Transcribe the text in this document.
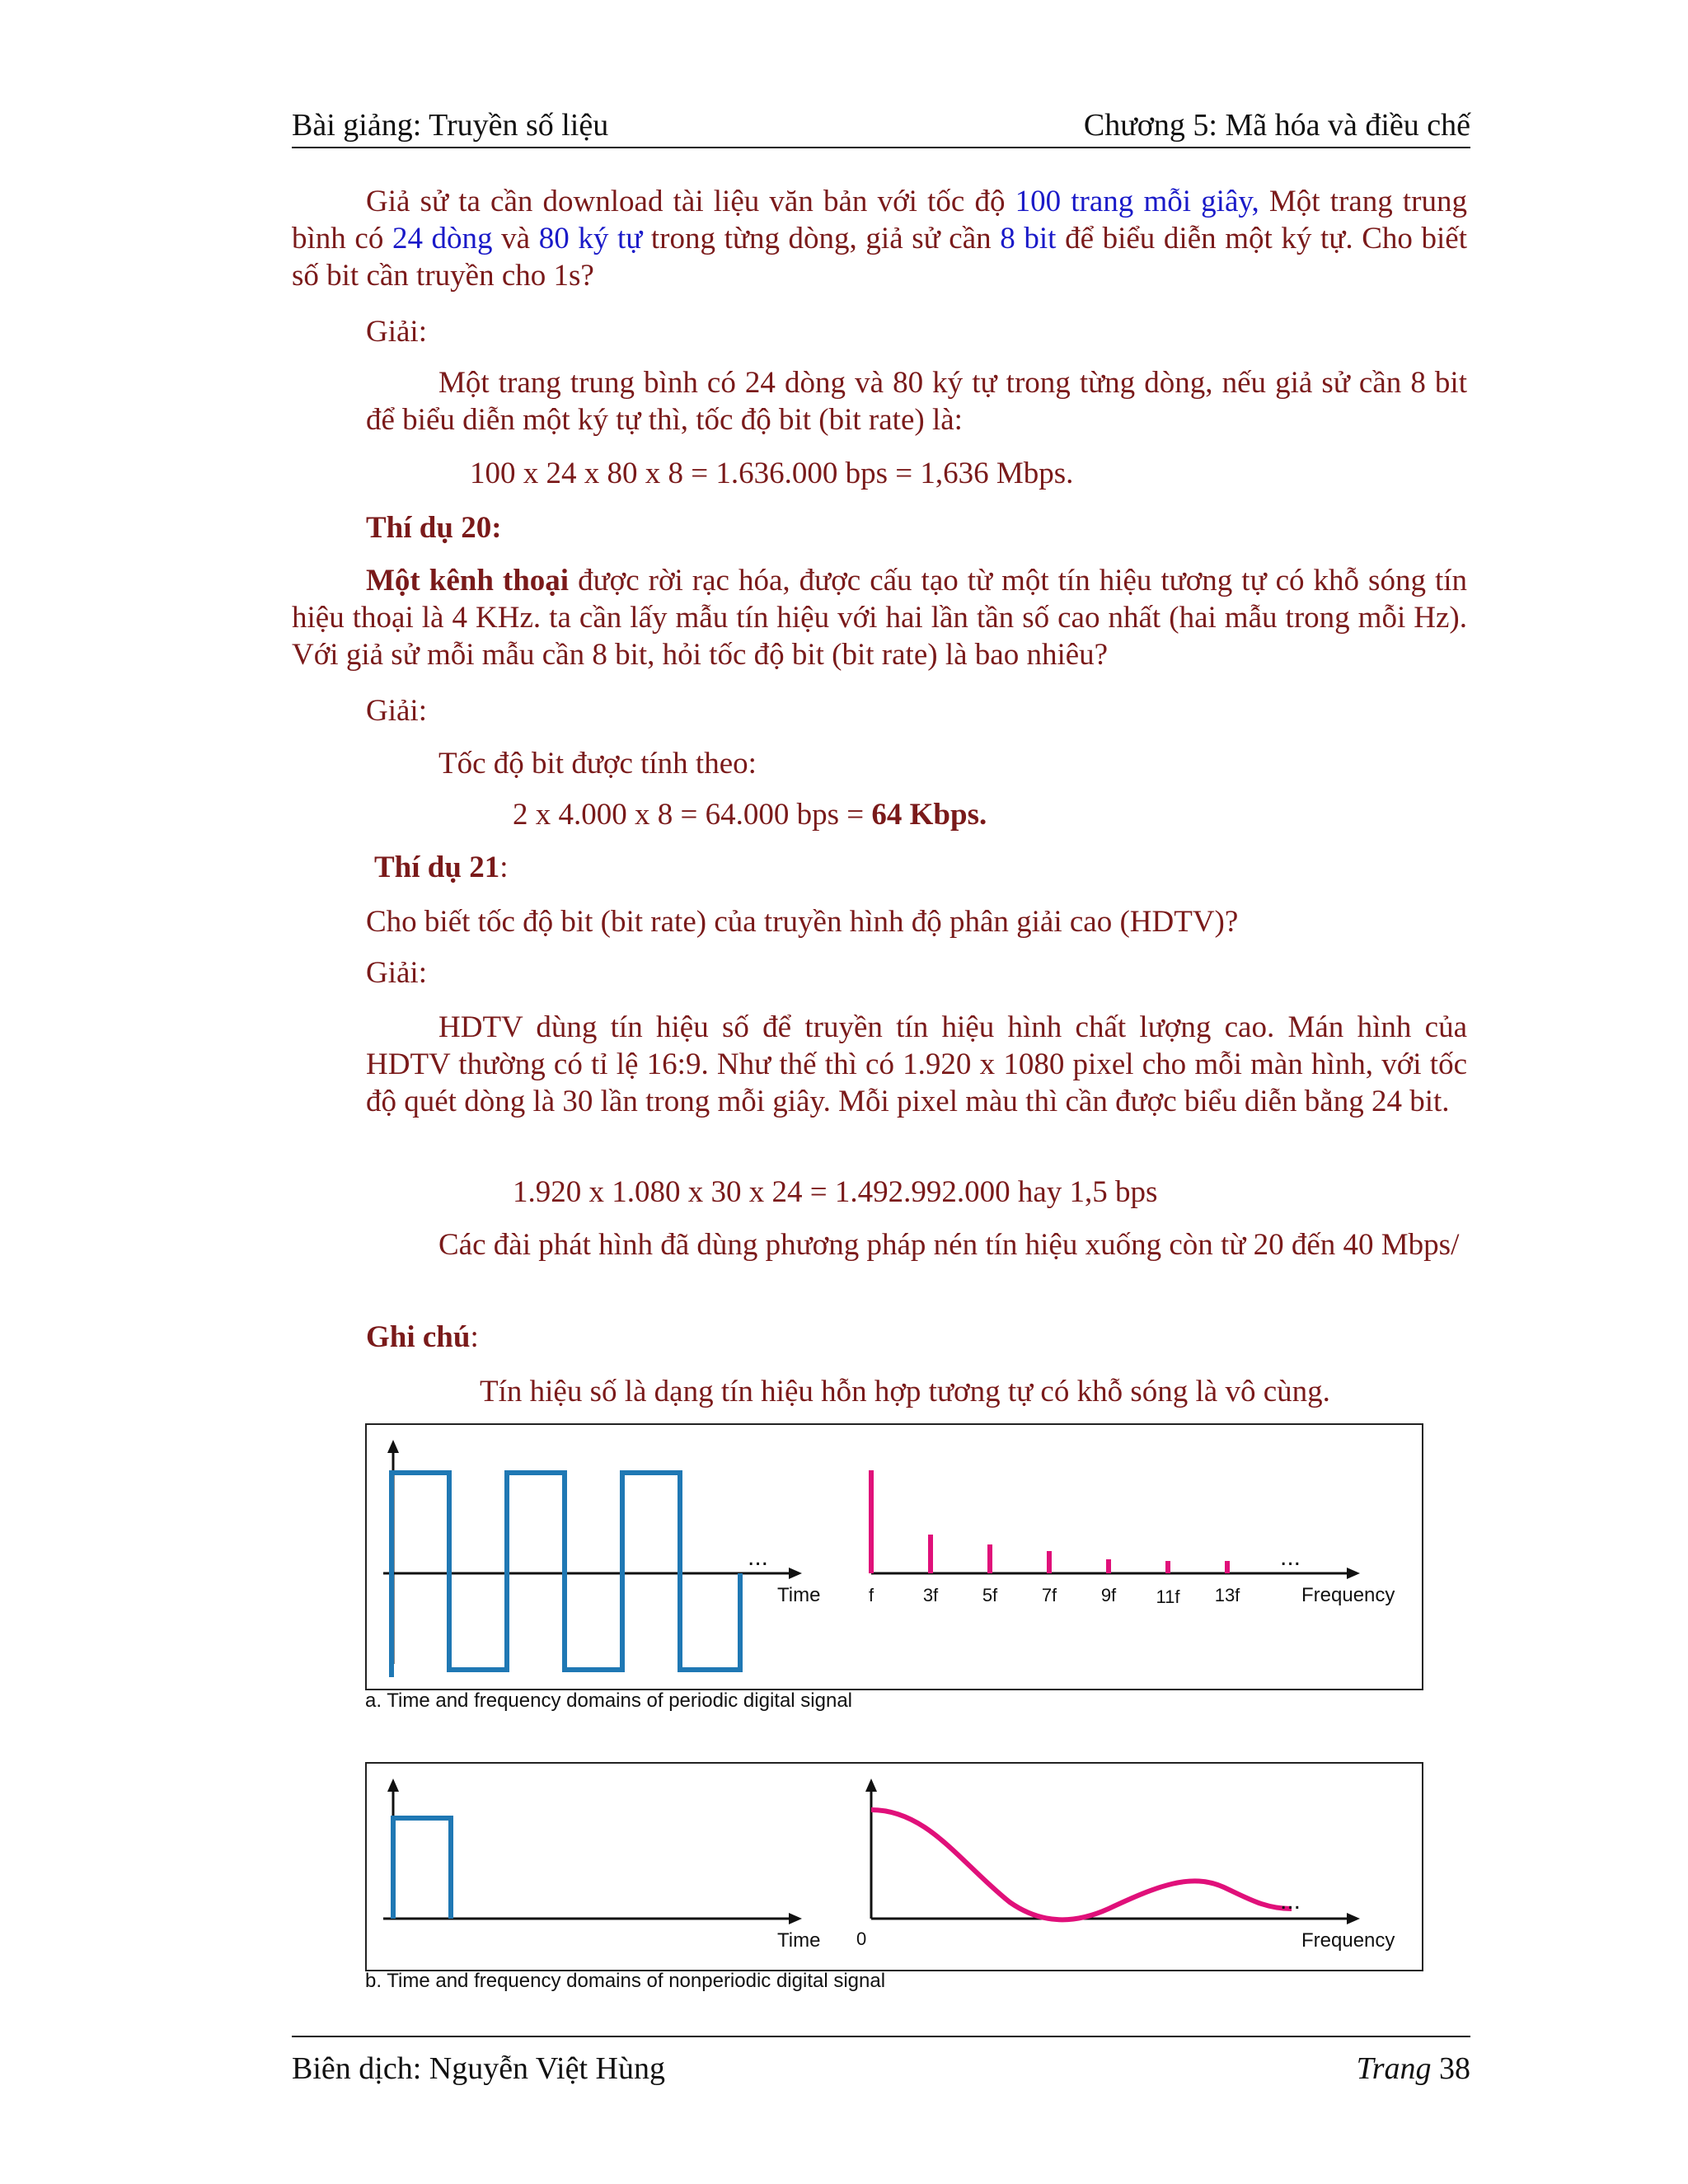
Bài giảng: Truyền số liệu	Chương 5: Mã hóa và điều chế
Giả sử ta cần download tài liệu văn bản với tốc độ 100 trang mỗi giây, Một trang trung bình có 24 dòng và 80 ký tự trong từng dòng, giả sử cần 8 bit để biểu diễn một ký tự. Cho biết số bit cần truyền cho 1s?
Giải:
Một trang trung bình có 24 dòng và 80 ký tự trong từng dòng, nếu giả sử cần 8 bit để biểu diễn một ký tự thì, tốc độ bit (bit rate) là:
100 x 24 x 80 x 8 = 1.636.000 bps = 1,636 Mbps.
Thí dụ 20:
Một kênh thoại được rời rạc hóa, được cấu tạo từ một tín hiệu tương tự có khỗ sóng tín hiệu thoại là 4 KHz. ta cần lấy mẫu tín hiệu với hai lần tần số cao nhất (hai mẫu trong mỗi Hz). Với giả sử mỗi mẫu cần 8 bit, hỏi tốc độ bit (bit rate) là bao nhiêu?
Giải:
Tốc độ bit được tính theo:
2 x 4.000 x 8 = 64.000 bps = 64 Kbps.
Thí dụ 21:
Cho biết tốc độ bit (bit rate) của truyền hình độ phân giải cao (HDTV)?
Giải:
HDTV dùng tín hiệu số để truyền tín hiệu hình chất lượng cao. Mán hình của HDTV thường có tỉ lệ 16:9. Như thế thì có 1.920 x 1080 pixel cho mỗi màn hình, với tốc độ quét dòng là 30 lần trong mỗi giây. Mỗi pixel màu thì cần được biểu diễn bằng 24 bit.
1.920 x 1.080 x 30 x 24 = 1.492.992.000 hay 1,5 bps
Các đài phát hình đã dùng phương pháp nén tín hiệu xuống còn từ 20 đến 40 Mbps/
Ghi chú:
Tín hiệu số là dạng tín hiệu hỗn hợp tương tự có khỗ sóng là vô cùng.
...
Time
...
f	3f 5f 7f 9f 11f 13f	Frequency
a. Time and frequency domains of periodic digital signal
Time
...
0	Frequency
b. Time and frequency domains of nonperiodic digital signal
Biên dịch: Nguyễn Việt Hùng	Trang 38
